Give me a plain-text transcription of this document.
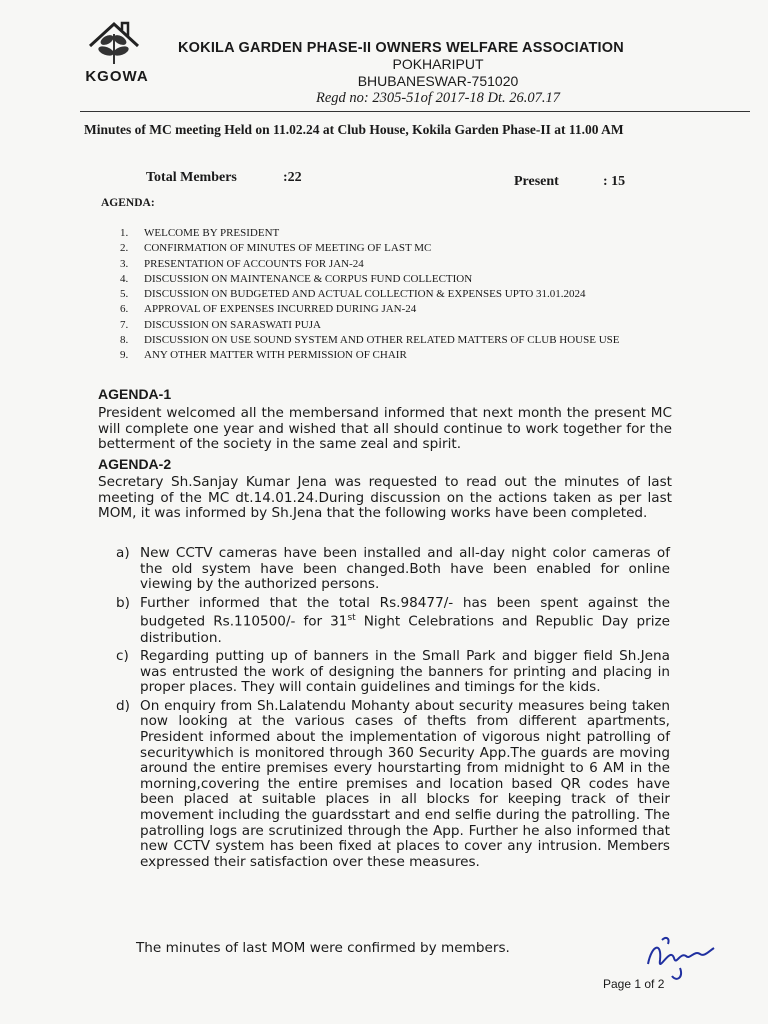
KGOWA
KOKILA GARDEN PHASE-II OWNERS WELFARE ASSOCIATION
POKHARIPUT
BHUBANESWAR-751020
Regd no: 2305-51of 2017-18 Dt. 26.07.17
Minutes of MC meeting Held on 11.02.24 at Club House, Kokila Garden Phase-II at 11.00 AM
Total Members	:22	Present	: 15
AGENDA:
1.	WELCOME BY PRESIDENT
2.	CONFIRMATION OF MINUTES OF MEETING OF LAST MC
3.	PRESENTATION OF ACCOUNTS FOR JAN-24
4.	DISCUSSION ON MAINTENANCE & CORPUS FUND COLLECTION
5.	DISCUSSION ON BUDGETED AND ACTUAL COLLECTION & EXPENSES UPTO 31.01.2024
6.	APPROVAL OF EXPENSES INCURRED DURING JAN-24
7.	DISCUSSION ON SARASWATI PUJA
8.	DISCUSSION ON USE SOUND SYSTEM AND OTHER RELATED MATTERS OF CLUB HOUSE USE
9.	ANY OTHER MATTER WITH PERMISSION OF CHAIR
AGENDA-1
President welcomed all the membersand informed that next month the present MC will complete one year and wished that all should continue to work together for the betterment of the society in the same zeal and spirit.
AGENDA-2
Secretary Sh.Sanjay Kumar Jena was requested to read out the minutes of last meeting of the MC dt.14.01.24.During discussion on the actions taken as per last MOM, it was informed by Sh.Jena that the following works have been completed.
a) New CCTV cameras have been installed and all-day night color cameras of the old system have been changed.Both have been enabled for online viewing by the authorized persons.
b) Further informed that the total Rs.98477/- has been spent against the budgeted Rs.110500/- for 31st Night Celebrations and Republic Day prize distribution.
c) Regarding putting up of banners in the Small Park and bigger field Sh.Jena was entrusted the work of designing the banners for printing and placing in proper places. They will contain guidelines and timings for the kids.
d) On enquiry from Sh.Lalatendu Mohanty about security measures being taken now looking at the various cases of thefts from different apartments, President informed about the implementation of vigorous night patrolling of securitywhich is monitored through 360 Security App.The guards are moving around the entire premises every hourstarting from midnight to 6 AM in the morning,covering the entire premises and location based QR codes have been placed at suitable places in all blocks for keeping track of their movement including the guardsstart and end selfie during the patrolling. The patrolling logs are scrutinized through the App. Further he also informed that new CCTV system has been fixed at places to cover any intrusion. Members expressed their satisfaction over these measures.
The minutes of last MOM were confirmed by members.
Page 1 of 2
